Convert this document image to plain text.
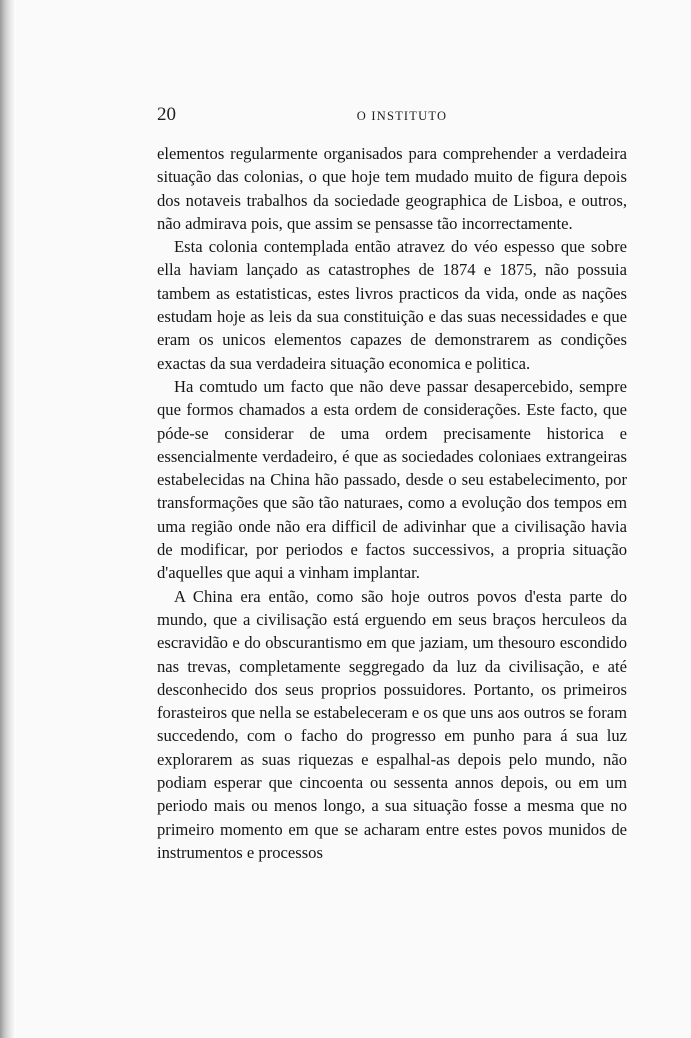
20	O INSTITUTO

elementos regularmente organisados para comprehender a verdadeira situação das colonias, o que hoje tem mudado muito de figura depois dos notaveis trabalhos da sociedade geographica de Lisboa, e outros, não admirava pois, que assim se pensasse tão incorrectamente.

Esta colonia contemplada então atravez do véo espesso que sobre ella haviam lançado as catastrophes de 1874 e 1875, não possuia tambem as estatisticas, estes livros practicos da vida, onde as nações estudam hoje as leis da sua constituição e das suas necessidades e que eram os unicos elementos capazes de demonstrarem as condições exactas da sua verdadeira situação economica e politica.

Ha comtudo um facto que não deve passar desapercebido, sempre que formos chamados a esta ordem de considerações. Este facto, que póde-se considerar de uma ordem precisamente historica e essencialmente verdadeiro, é que as sociedades coloniaes extrangeiras estabelecidas na China hão passado, desde o seu estabelecimento, por transformações que são tão naturaes, como a evolução dos tempos em uma região onde não era difficil de adivinhar que a civilisação havia de modificar, por periodos e factos successivos, a propria situação d'aquelles que aqui a vinham implantar.

A China era então, como são hoje outros povos d'esta parte do mundo, que a civilisação está erguendo em seus braços herculeos da escravidão e do obscurantismo em que jaziam, um thesouro escondido nas trevas, completamente seggregado da luz da civilisação, e até desconhecido dos seus proprios possuidores. Portanto, os primeiros forasteiros que nella se estabeleceram e os que uns aos outros se foram succedendo, com o facho do progresso em punho para á sua luz explorarem as suas riquezas e espalhal-as depois pelo mundo, não podiam esperar que cincoenta ou sessenta annos depois, ou em um periodo mais ou menos longo, a sua situação fosse a mesma que no primeiro momento em que se acharam entre estes povos munidos de instrumentos e processos
